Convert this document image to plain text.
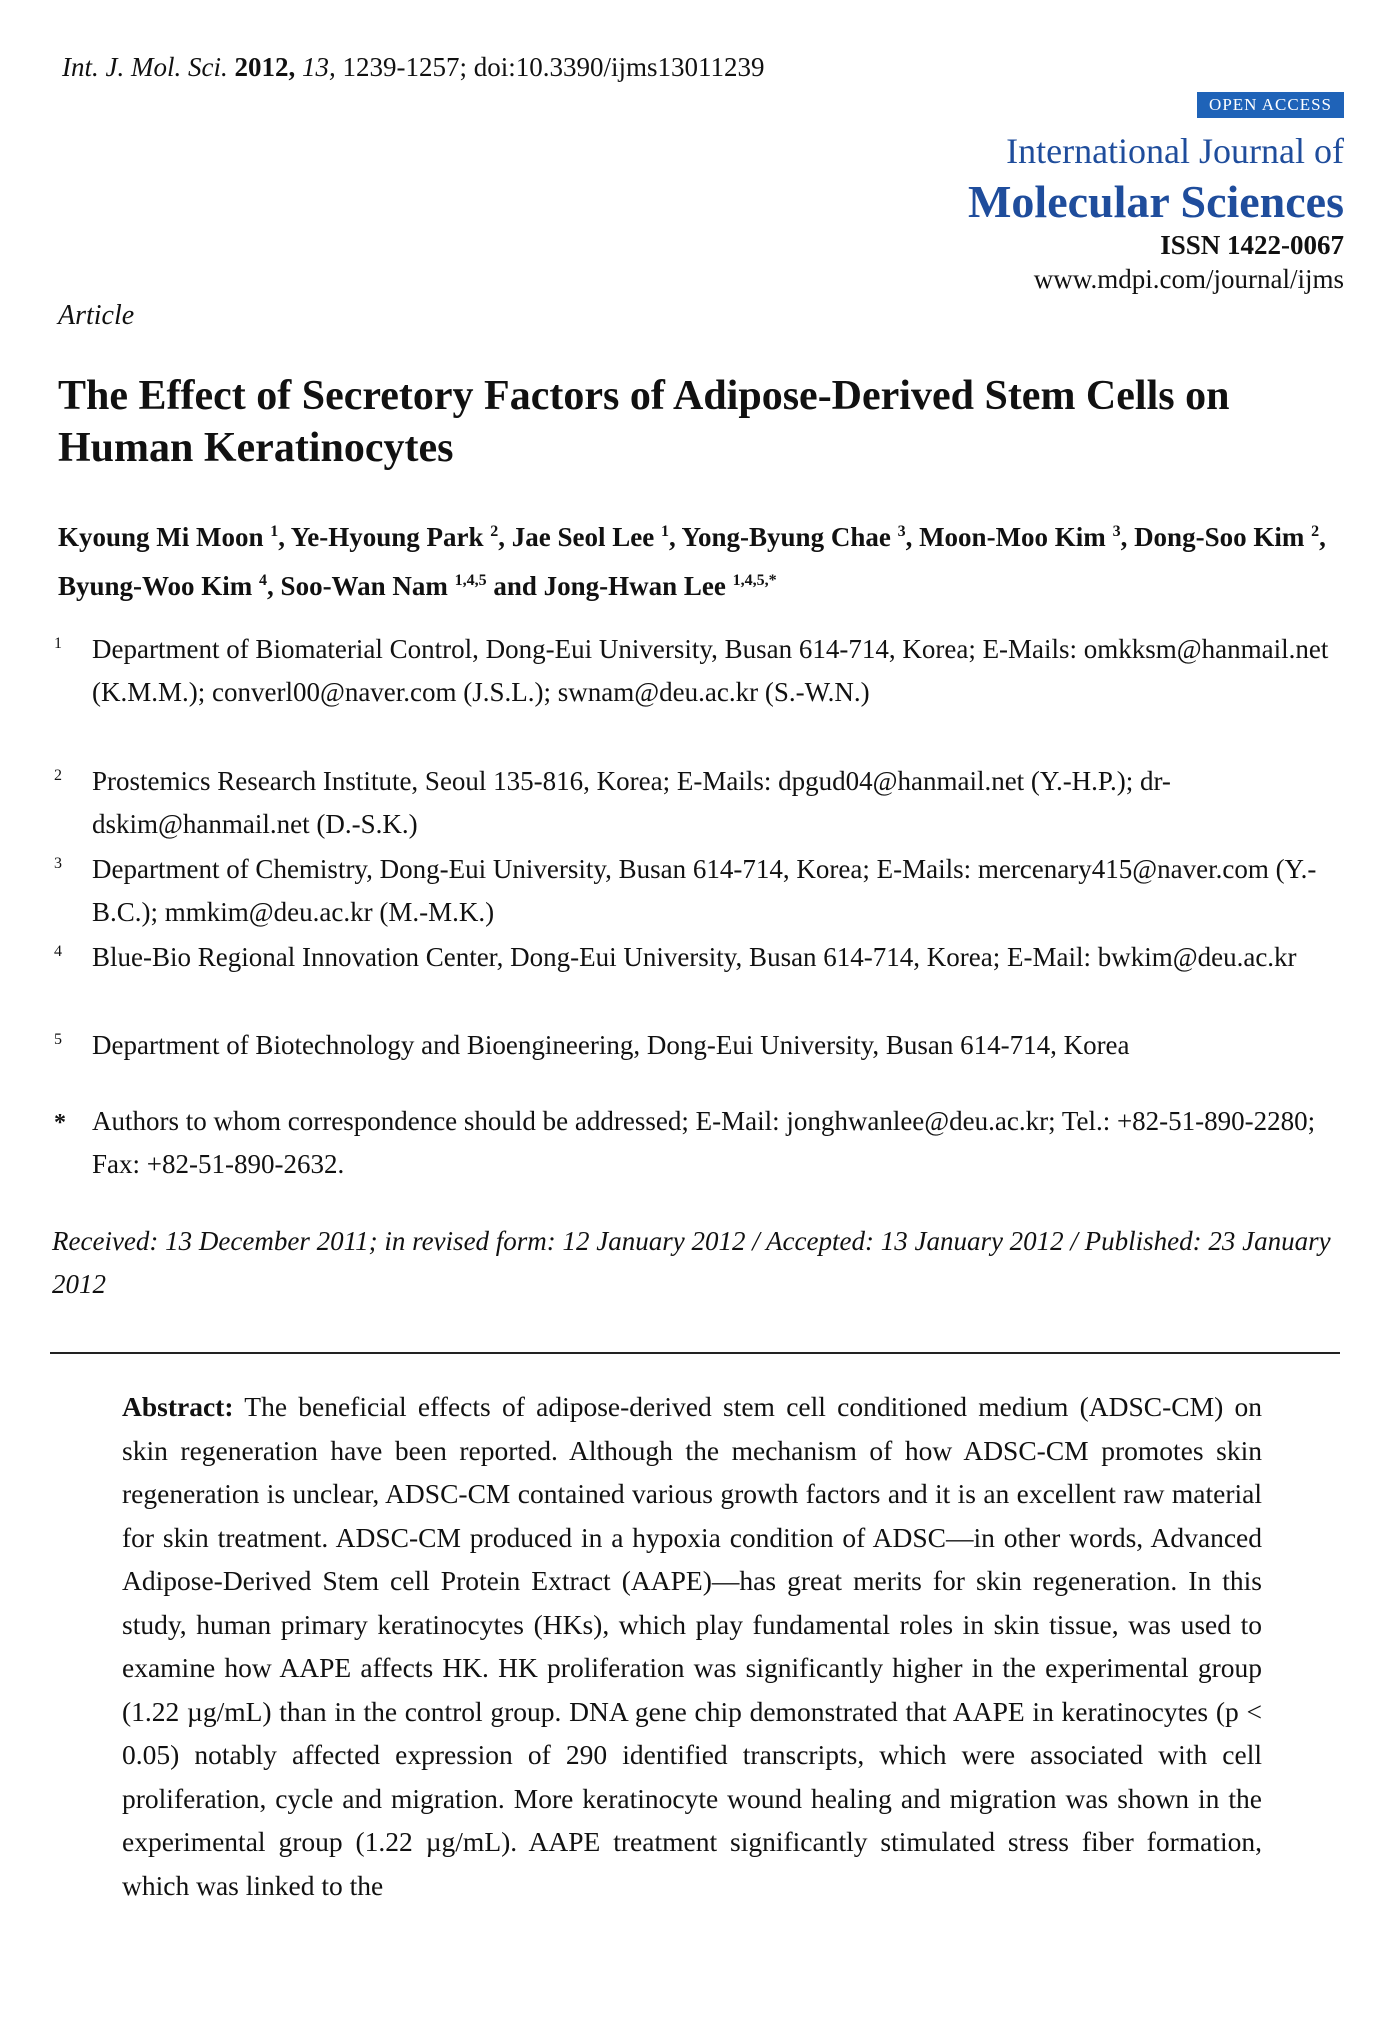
Int. J. Mol. Sci. 2012, 13, 1239-1257; doi:10.3390/ijms13011239
OPEN ACCESS
International Journal of
Molecular Sciences
ISSN 1422-0067
www.mdpi.com/journal/ijms
Article
The Effect of Secretory Factors of Adipose-Derived Stem Cells on Human Keratinocytes
Kyoung Mi Moon $^1$, Ye-Hyoung Park $^2$, Jae Seol Lee $^1$, Yong-Byung Chae $^3$, Moon-Moo Kim $^3$, Dong-Soo Kim $^2$, Byung-Woo Kim $^4$, Soo-Wan Nam $^{1,4,5}$ and Jong-Hwan Lee $^{1,4,5,*}$
1 Department of Biomaterial Control, Dong-Eui University, Busan 614-714, Korea; E-Mails: omkksm@hanmail.net (K.M.M.); converl00@naver.com (J.S.L.); swnam@deu.ac.kr (S.-W.N.)
2 Prostemics Research Institute, Seoul 135-816, Korea; E-Mails: dpgud04@hanmail.net (Y.-H.P.); dr-dskim@hanmail.net (D.-S.K.)
3 Department of Chemistry, Dong-Eui University, Busan 614-714, Korea; E-Mails: mercenary415@naver.com (Y.-B.C.); mmkim@deu.ac.kr (M.-M.K.)
4 Blue-Bio Regional Innovation Center, Dong-Eui University, Busan 614-714, Korea; E-Mail: bwkim@deu.ac.kr
5 Department of Biotechnology and Bioengineering, Dong-Eui University, Busan 614-714, Korea
* Authors to whom correspondence should be addressed; E-Mail: jonghwanlee@deu.ac.kr; Tel.: +82-51-890-2280; Fax: +82-51-890-2632.
Received: 13 December 2011; in revised form: 12 January 2012 / Accepted: 13 January 2012 / Published: 23 January 2012
Abstract: The beneficial effects of adipose-derived stem cell conditioned medium (ADSC-CM) on skin regeneration have been reported. Although the mechanism of how ADSC-CM promotes skin regeneration is unclear, ADSC-CM contained various growth factors and it is an excellent raw material for skin treatment. ADSC-CM produced in a hypoxia condition of ADSC—in other words, Advanced Adipose-Derived Stem cell Protein Extract (AAPE)—has great merits for skin regeneration. In this study, human primary keratinocytes (HKs), which play fundamental roles in skin tissue, was used to examine how AAPE affects HK. HK proliferation was significantly higher in the experimental group (1.22 µg/mL) than in the control group. DNA gene chip demonstrated that AAPE in keratinocytes (p < 0.05) notably affected expression of 290 identified transcripts, which were associated with cell proliferation, cycle and migration. More keratinocyte wound healing and migration was shown in the experimental group (1.22 µg/mL). AAPE treatment significantly stimulated stress fiber formation, which was linked to the
